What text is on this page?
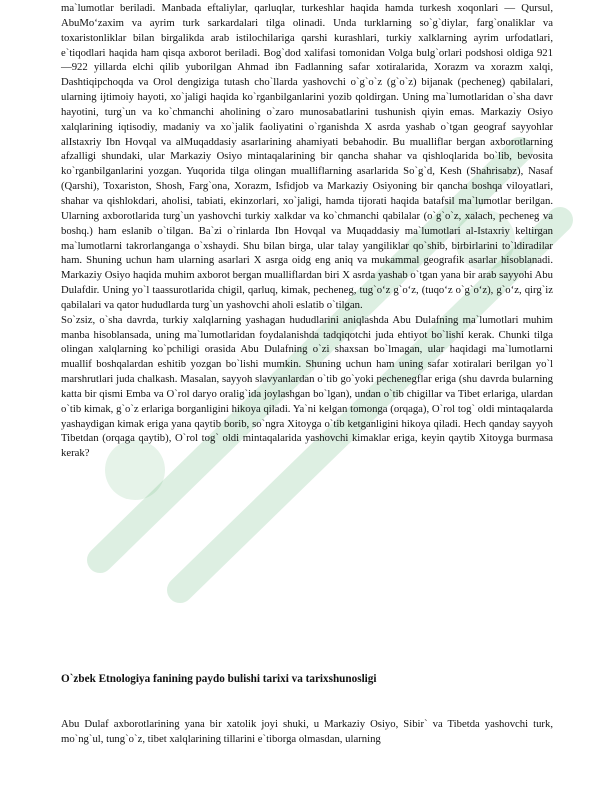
ma`lumotlar beriladi. Manbada eftaliylar, qarluqlar, turkeshlar haqida hamda turkesh xoqonlari — Qursul, AbuMo‘zaxim va ayrim turk sarkardalari tilga olinadi. Unda turklarning so`g`diylar, farg`onaliklar va toxaristonliklar bilan birgalikda arab istilochilariga qarshi kurashlari, turkiy xalklarning ayrim urfodatlari, e`tiqodlari haqida ham qisqa axborot beriladi. Bog`dod xalifasi tomonidan Volga bulg`orlari podshosi oldiga 921—922 yillarda elchi qilib yuborilgan Ahmad ibn Fadlanning safar xotiralarida, Xorazm va xorazm xalqi, Dashtiqipchoqda va Orol dengiziga tutash cho`llarda yashovchi o`g`o`z (g`o`z) bijanak (pecheneg) qabilalari, ularning ijtimoiy hayoti, xo`jaligi haqida ko`rganbilganlarini yozib qoldirgan. Uning ma`lumotlaridan o`sha davr hayotini, turg`un va ko`chmanchi aholining o`zaro munosabatlarini tushunish qiyin emas. Markaziy Osiyo xalqlarining iqtisodiy, madaniy va xo`jalik faoliyatini o`rganishda X asrda yashab o`tgan geograf sayyohlar alIstaxriy Ibn Hovqal va alMuqaddasiy asarlarining ahamiyati bebahodir. Bu mualliflar bergan axborotlarning afzalligi shundaki, ular Markaziy Osiyo mintaqalarining bir qancha shahar va qishloqlarida bo`lib, bevosita ko`rganbilganlarini yozgan. Yuqorida tilga olingan mualliflarning asarlarida So`g`d, Kesh (Shahrisabz), Nasaf (Qarshi), Toxariston, Shosh, Farg`ona, Xorazm, Isfidjob va Markaziy Osiyoning bir qancha boshqa viloyatlari, shahar va qishlokdari, aholisi, tabiati, ekinzorlari, xo`jaligi, hamda tijorati haqida batafsil ma`lumotlar berilgan. Ularning axborotlarida turg`un yashovchi turkiy xalkdar va ko`chmanchi qabilalar (o`g`o`z, xalach, pecheneg va boshq.) ham eslanib o`tilgan. Ba`zi o`rinlarda Ibn Hovqal va Muqaddasiy ma`lumotlari al-Istaxriy keltirgan ma`lumotlarni takrorlanganga o`xshaydi. Shu bilan birga, ular talay yangiliklar qo`shib, birbirlarini to`ldiradilar ham. Shuning uchun ham ularning asarlari X asrga oidg eng aniq va mukammal geografik asarlar hisoblanadi. Markaziy Osiyo haqida muhim axborot bergan mualliflardan biri X asrda yashab o`tgan yana bir arab sayyohi Abu Dulafdir. Uning yo`l taassurotlarida chigil, qarluq, kimak, pecheneg, tug`o‘z g`o‘z, (tuqo‘z o`g`o‘z), g`o‘z, qirg`iz qabilalari va qator hududlarda turg`un yashovchi aholi eslatib o`tilgan.

So`zsiz, o`sha davrda, turkiy xalqlarning yashagan hududlarini aniqlashda Abu Dulafning ma`lumotlari muhim manba hisoblansada, uning ma`lumotlaridan foydalanishda tadqiqotchi juda ehtiyot bo`lishi kerak. Chunki tilga olingan xalqlarning ko`pchiligi orasida Abu Dulafning o`zi shaxsan bo`lmagan, ular haqidagi ma`lumotlarni muallif boshqalardan eshitib yozgan bo`lishi mumkin. Shuning uchun ham uning safar xotiralari berilgan yo`l marshrutlari juda chalkash. Masalan, sayyoh slavyanlardan o`tib go`yoki pechenegflar eriga (shu davrda bularning katta bir qismi Emba va O`rol daryo oralig`ida joylashgan bo`lgan), undan o`tib chigillar va Tibet erlariga, ulardan o`tib kimak, g`o`z erlariga borganligini hikoya qiladi. Ya`ni kelgan tomonga (orqaga), O`rol tog` oldi mintaqalarda yashaydigan kimak eriga yana qaytib borib, so`ngra Xitoyga o`tib ketganligini hikoya qiladi. Hech qanday sayyoh Tibetdan (orqaga qaytib), O`rol tog` oldi mintaqalarida yashovchi kimaklar eriga, keyin qaytib Xitoyga burmasa kerak?

O`zbek Etnologiya fanining paydo bulishi tarixi va tarixshunosligi

Abu Dulaf axborotlarining yana bir xatolik joyi shuki, u Markaziy Osiyo, Sibir` va Tibetda yashovchi turk, mo`ng`ul, tung`o`z, tibet xalqlarining tillarini e`tiborga olmasdan, ularning
